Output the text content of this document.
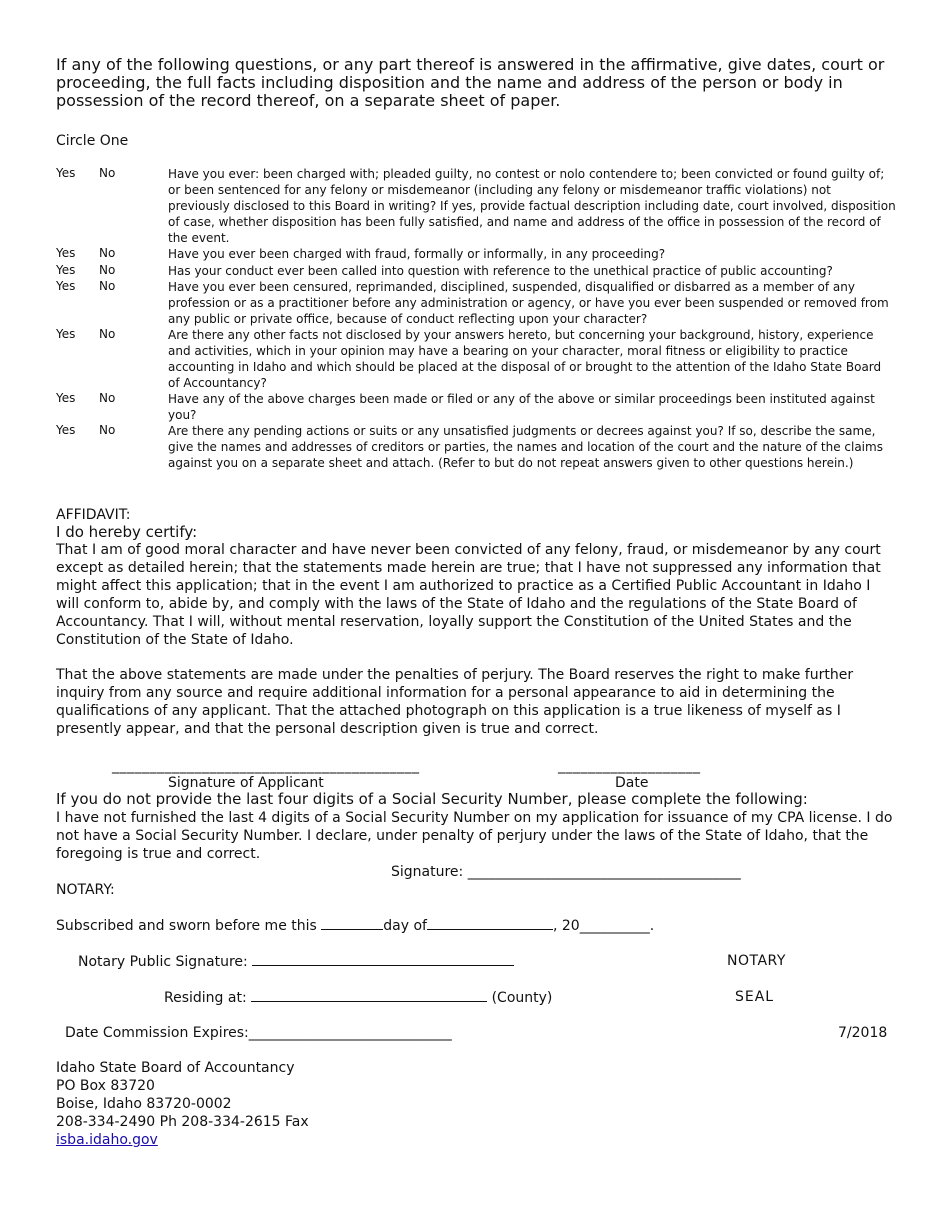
If any of the following questions, or any part thereof is answered in the affirmative, give dates, court or proceeding, the full facts including disposition and the name and address of the person or body in possession of the record thereof, on a separate sheet of paper.
Circle One
Yes No	Have you ever: been charged with; pleaded guilty, no contest or nolo contendere to; been convicted or found guilty of; or been sentenced for any felony or misdemeanor (including any felony or misdemeanor traffic violations) not previously disclosed to this Board in writing? If yes, provide factual description including date, court involved, disposition of case, whether disposition has been fully satisfied, and name and address of the office in possession of the record of the event.
Yes No	Have you ever been charged with fraud, formally or informally, in any proceeding?
Yes No	Has your conduct ever been called into question with reference to the unethical practice of public accounting?
Yes No	Have you ever been censured, reprimanded, disciplined, suspended, disqualified or disbarred as a member of any profession or as a practitioner before any administration or agency, or have you ever been suspended or removed from any public or private office, because of conduct reflecting upon your character?
Yes No	Are there any other facts not disclosed by your answers hereto, but concerning your background, history, experience and activities, which in your opinion may have a bearing on your character, moral fitness or eligibility to practice accounting in Idaho and which should be placed at the disposal of or brought to the attention of the Idaho State Board of Accountancy?
Yes No	Have any of the above charges been made or filed or any of the above or similar proceedings been instituted against you?
Yes No	Are there any pending actions or suits or any unsatisfied judgments or decrees against you? If so, describe the same, give the names and addresses of creditors or parties, the names and location of the court and the nature of the claims against you on a separate sheet and attach. (Refer to but do not repeat answers given to other questions herein.)
AFFIDAVIT:
I do hereby certify:
That I am of good moral character and have never been convicted of any felony, fraud, or misdemeanor by any court except as detailed herein; that the statements made herein are true; that I have not suppressed any information that might affect this application; that in the event I am authorized to practice as a Certified Public Accountant in Idaho I will conform to, abide by, and comply with the laws of the State of Idaho and the regulations of the State Board of Accountancy. That I will, without mental reservation, loyally support the Constitution of the United States and the Constitution of the State of Idaho.
That the above statements are made under the penalties of perjury. The Board reserves the right to make further inquiry from any source and require additional information for a personal appearance to aid in determining the qualifications of any applicant. That the attached photograph on this application is a true likeness of myself as I presently appear, and that the personal description given is true and correct.
_________________________________________	___________________
Signature of Applicant	Date
If you do not provide the last four digits of a Social Security Number, please complete the following:
I have not furnished the last 4 digits of a Social Security Number on my application for issuance of my CPA license. I do not have a Social Security Number. I declare, under penalty of perjury under the laws of the State of Idaho, that the foregoing is true and correct.
Signature: _______________________________________
NOTARY:
Subscribed and sworn before me this	day of	, 20__________.
Notary Public Signature:	NOTARY
Residing at:	(County)	SEAL
Date Commission Expires:_____________________________	7/2018
Idaho State Board of Accountancy
PO Box 83720
Boise, Idaho 83720-0002
208-334-2490 Ph 208-334-2615 Fax
isba.idaho.gov
